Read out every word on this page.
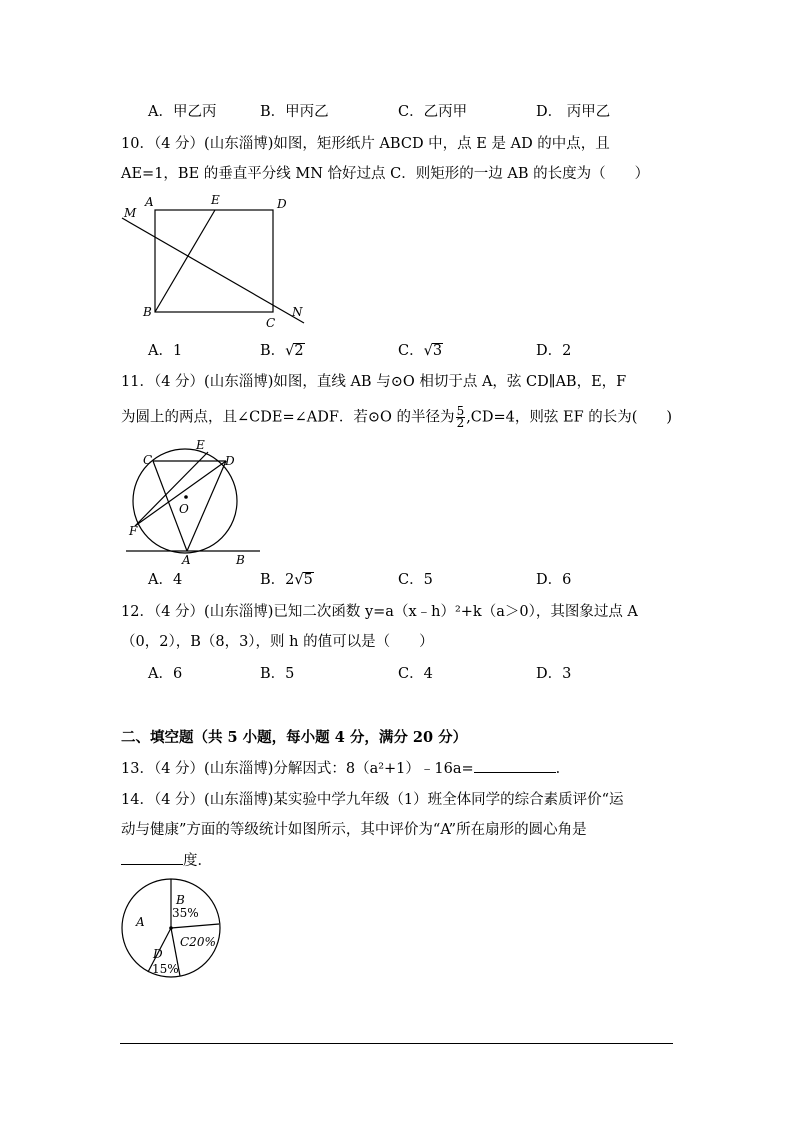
A．甲乙丙	B．甲丙乙	C．乙丙甲	D． 丙甲乙
10．（4 分）(山东淄博)如图，矩形纸片 ABCD 中，点 E 是 AD 的中点，且
AE=1，BE 的垂直平分线 MN 恰好过点 C．则矩形的一边 AB 的长度为（　　）
M
A	E	D
B
C
N
A．1	B．√2	C．√3	D．2
11．（4 分）(山东淄博)如图，直线 AB 与⊙O 相切于点 A，弦 CD∥AB，E，F
为圆上的两点，且∠CDE=∠ADF．若⊙O 的半径为 $\frac{5}{2} ,CD=4$，则弦 EF 的长为(　　)
C
E
D
O
F
A	B
A．4	B．2√5	C．5	D．6
12．（4 分）(山东淄博)已知二次函数 y=a（x﹣h）²+k（a＞0），其图象过点 A
（0，2），B（8，3），则 h 的值可以是（　　）
A．6	B．5	C．4	D．3
二、填空题（共 5 小题，每小题 4 分，满分 20 分）
13．（4 分）(山东淄博)分解因式：8（a²+1）﹣16a=	．
14．（4 分）(山东淄博)某实验中学九年级（1）班全体同学的综合素质评价“运
动与健康”方面的等级统计如图所示，其中评价为“A”所在扇形的圆心角是
度．
A
B
35%
C20%
D
15%
